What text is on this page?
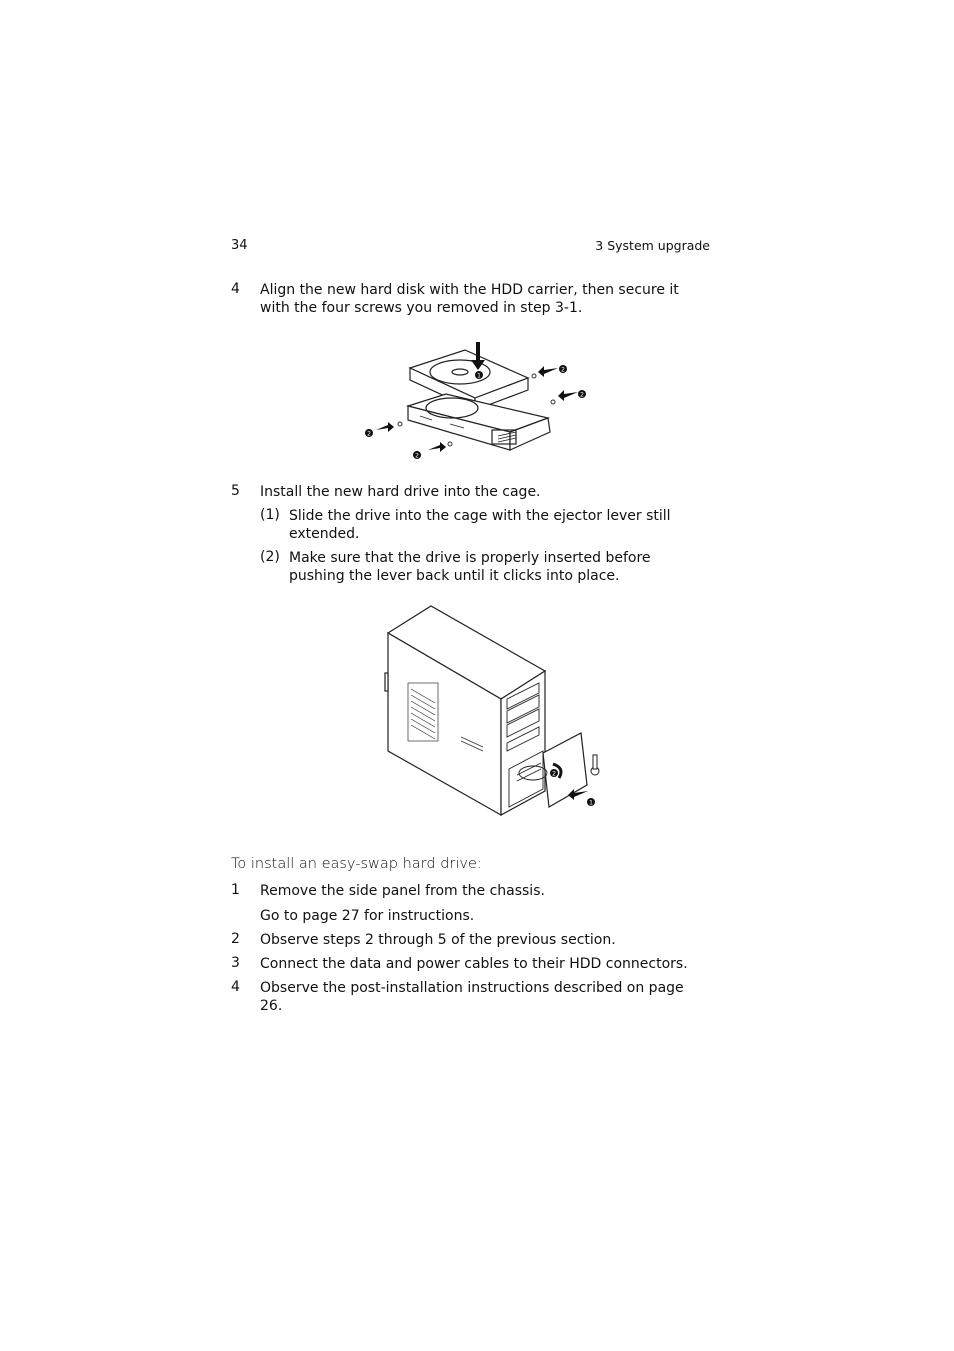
34	3 System upgrade
4 Align the new hard disk with the HDD carrier, then secure it with the four screws you removed in step 3-1.
1
2
2
2
2
5 Install the new hard drive into the cage.
(1) Slide the drive into the cage with the ejector lever still extended.
(2) Make sure that the drive is properly inserted before pushing the lever back until it clicks into place.
1
2
To install an easy-swap hard drive:
1 Remove the side panel from the chassis.
Go to page 27 for instructions.
2 Observe steps 2 through 5 of the previous section.
3 Connect the data and power cables to their HDD connectors.
4 Observe the post-installation instructions described on page 26.
